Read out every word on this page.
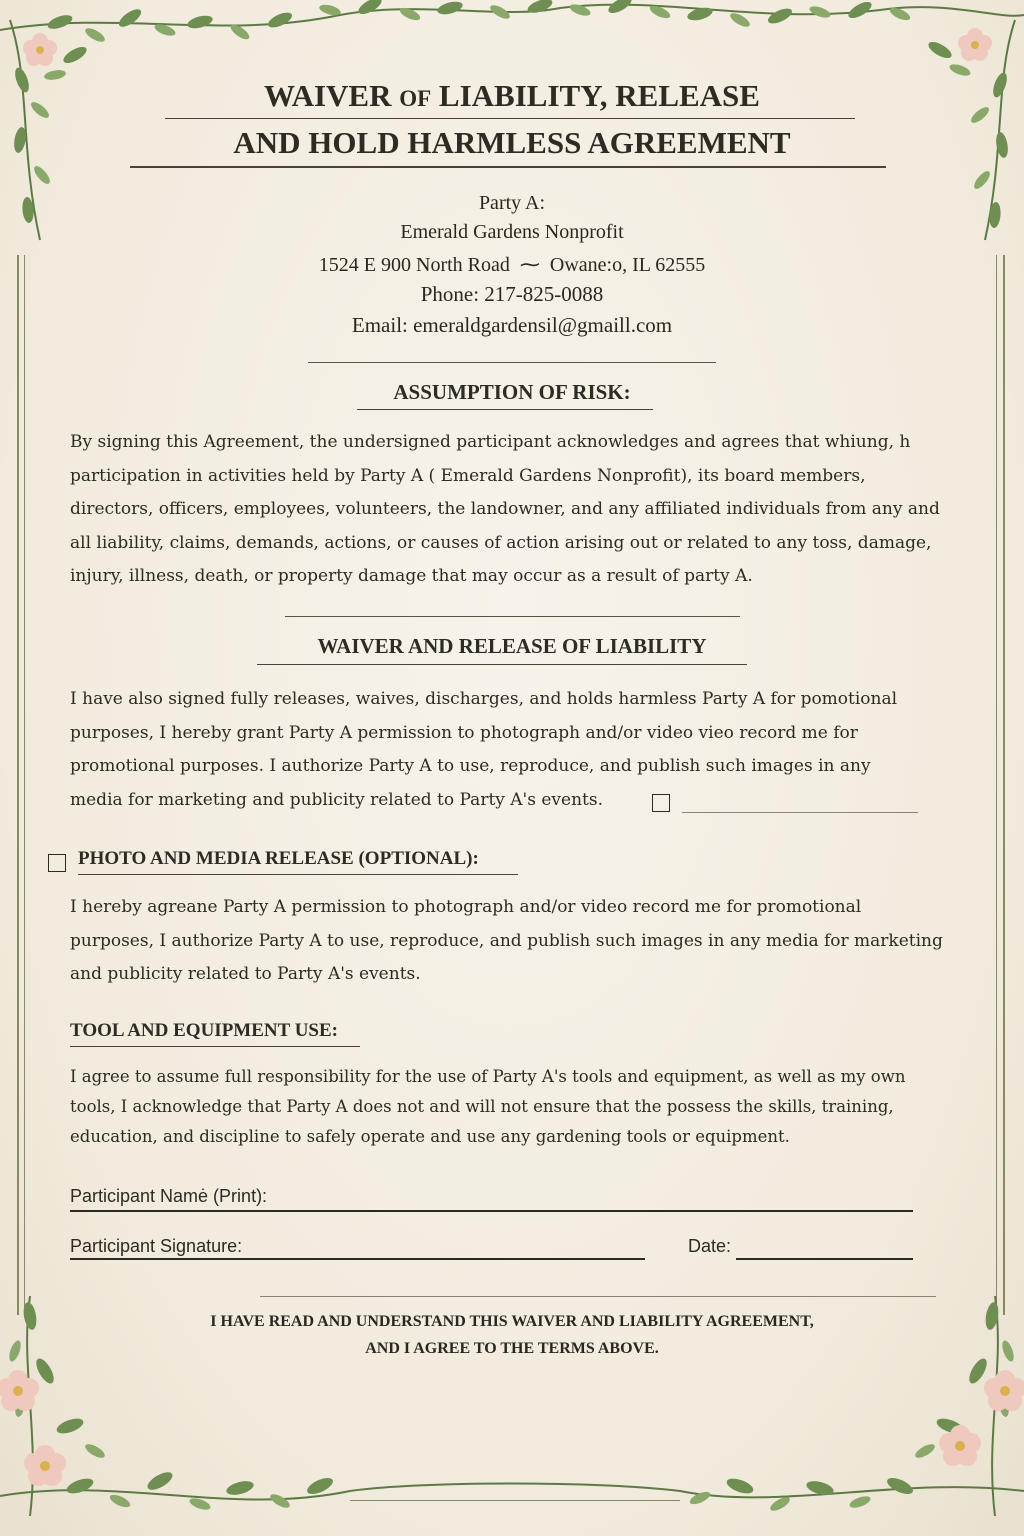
WAIVER OF LIABILITY, RELEASE
AND HOLD HARMLESS AGREEMENT
Party A:
Emerald Gardens Nonprofit
1524 E 900 North Road ⁓ Owane:o, IL 62555
Phone: 217-825-0088
Email: emeraldgardensil@gmaill.com
ASSUMPTION OF RISK:

By signing this Agreement, the undersigned participant acknowledges and agrees that whiung, h participation in activities held by Party A ( Emerald Gardens Nonprofit), its board members, directors, officers, employees, volunteers, the landowner, and any affiliated individuals from any and all liability, claims, demands, actions, or causes of action arising out or related to any toss, damage, injury, illness, death, or property damage that may occur as a result of party A.

WAIVER AND RELEASE OF LIABILITY

I have also signed fully releases, waives, discharges, and holds harmless Party A for pomotional purposes, I hereby grant Party A permission to photograph and/or video vieo record me for promotional purposes. I authorize Party A to use, reproduce, and publish such images in any media for marketing and publicity related to Party A's events.

PHOTO AND MEDIA RELEASE (OPTIONAL):

I hereby agreane Party A permission to photograph and/or video record me for promotional purposes, I authorize Party A to use, reproduce, and publish such images in any media for marketing and publicity related to Party A's events.

TOOL AND EQUIPMENT USE:

I agree to assume full responsibility for the use of Party A's tools and equipment, as well as my own tools, I acknowledge that Party A does not and will not ensure that the possess the skills, training, education, and discipline to safely operate and use any gardening tools or equipment.

Participant Namė (Print):
Participant Signature:	Date:
I HAVE READ AND UNDERSTAND THIS WAIVER AND LIABILITY AGREEMENT,
AND I AGREE TO THE TERMS ABOVE.
